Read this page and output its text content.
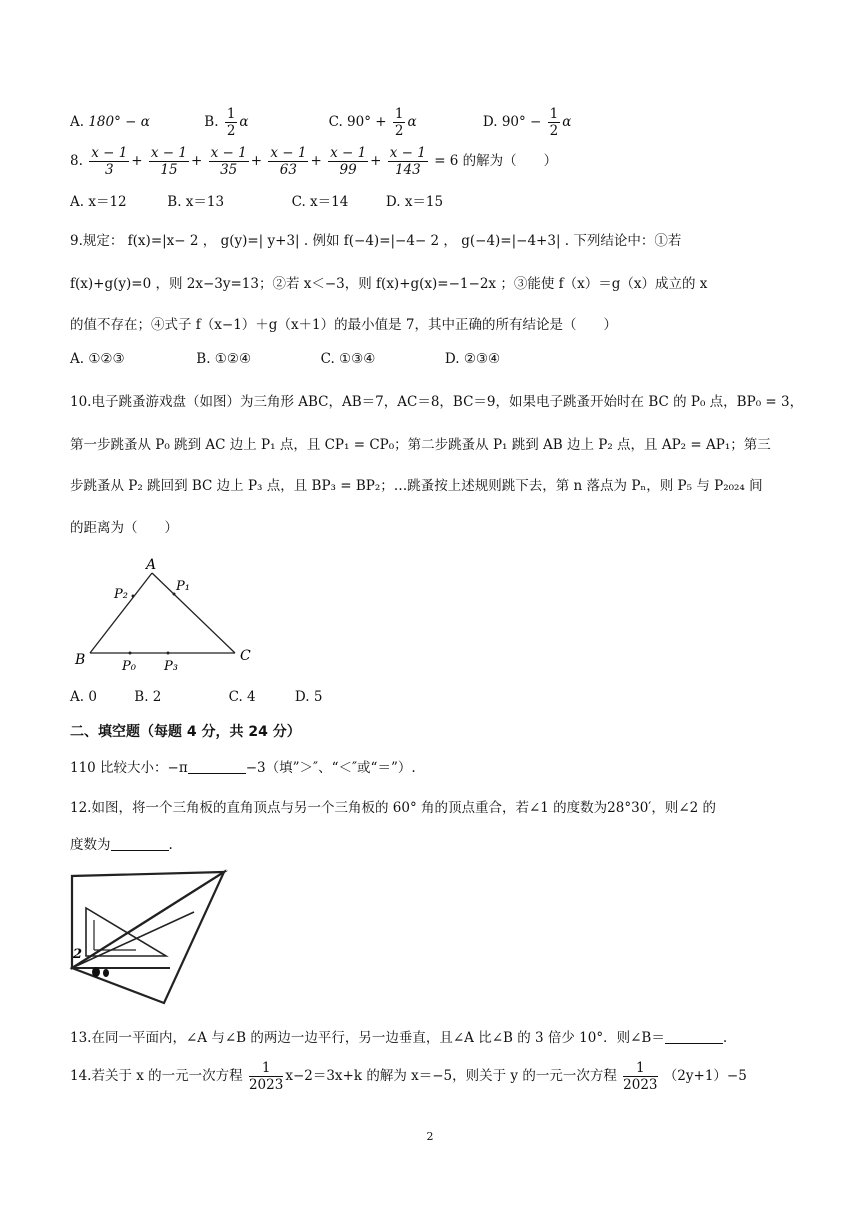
A. 180° − α	B. $\frac{1}{2}$ α	C. $90^\circ + \frac{1}{2}$ α	D. $90^\circ - \frac{1}{2}$ α
8. $\frac{x - 1}{3} + \frac{x - 1}{15} + \frac{x - 1}{35} + \frac{x - 1}{63} + \frac{x - 1}{99} + \frac{x - 1}{143} = 6$ 的解为（　　）
A. x＝12	B. x＝13	C. x＝14	D. x＝15
9.规定： f(x)=|x− 2 ， g(y)=| y+3| . 例如 f(−4)=|−4− 2 ， g(−4)=|−4+3| . 下列结论中：①若
f(x)+g(y)=0 ，则 2x−3y=13；②若 x＜−3，则 f(x)+g(x)=−1−2x ；③能使 f（x）＝g（x）成立的 x
的值不存在；④式子 f（x−1）＋g（x＋1）的最小值是 7，其中正确的所有结论是（　　）
A. ①②③	B. ①②④	C. ①③④	D. ②③④
10.电子跳蚤游戏盘（如图）为三角形 ABC，AB＝7，AC＝8，BC＝9，如果电子跳蚤开始时在 BC 的 P₀ 点，BP₀ = 3，
第一步跳蚤从 P₀ 跳到 AC 边上 P₁ 点，且 CP₁ = CP₀；第二步跳蚤从 P₁ 跳到 AB 边上 P₂ 点，且 AP₂ = AP₁；第三
步跳蚤从 P₂ 跳回到 BC 边上 P₃ 点，且 BP₃ = BP₂；…跳蚤按上述规则跳下去，第 n 落点为 Pₙ，则 P₅ 与 P₂₀₂₄ 间
的距离为（　　）
A
B	C
P₂
P₁
P₀ P₃
A. 0	B. 2	C. 4	D. 5
二、填空题（每题 4 分，共 24 分）
110 比较大小：−π	−3（填”＞″、“＜″或“＝”）.
12.如图，将一个三角板的直角顶点与另一个三角板的 60° 角的顶点重合，若∠1 的度数为28°30′，则∠2 的
度数为	.
2
13.在同一平面内，∠A 与∠B 的两边一边平行，另一边垂直，且∠A 比∠B 的 3 倍少 10°．则∠B＝	.
14.若关于 x 的一元一次方程 $\frac{1}{2023} x-2=3x+k$ 的解为 x＝−5，则关于 y 的一元一次方程 $\frac{1}{2023} (2y+1)-5$
2
